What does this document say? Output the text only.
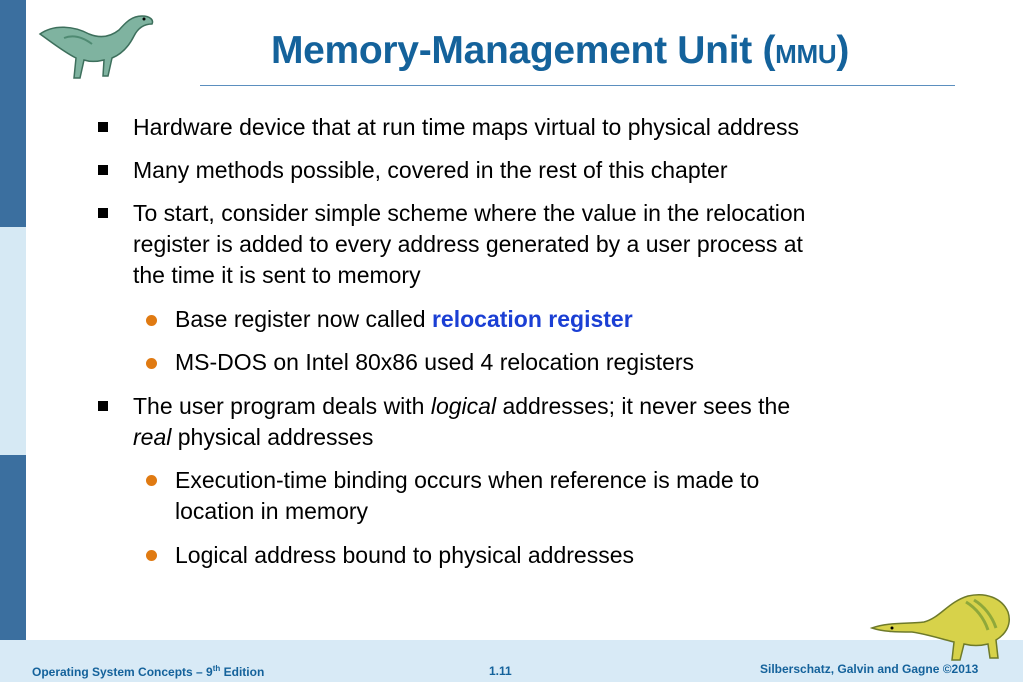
Memory-Management Unit (MMU)
Hardware device that at run time maps virtual to physical address
Many methods possible, covered in the rest of this chapter
To start, consider simple scheme where the value in the relocation
register is added to every address generated by a user process at
the time it is sent to memory
Base register now called relocation register
MS-DOS on Intel 80x86 used 4 relocation registers
The user program deals with logical addresses; it never sees the
real physical addresses
Execution-time binding occurs when reference is made to
location in memory
Logical address bound to physical addresses
Operating System Concepts – 9th Edition	1.11	Silberschatz, Galvin and Gagne ©2013
